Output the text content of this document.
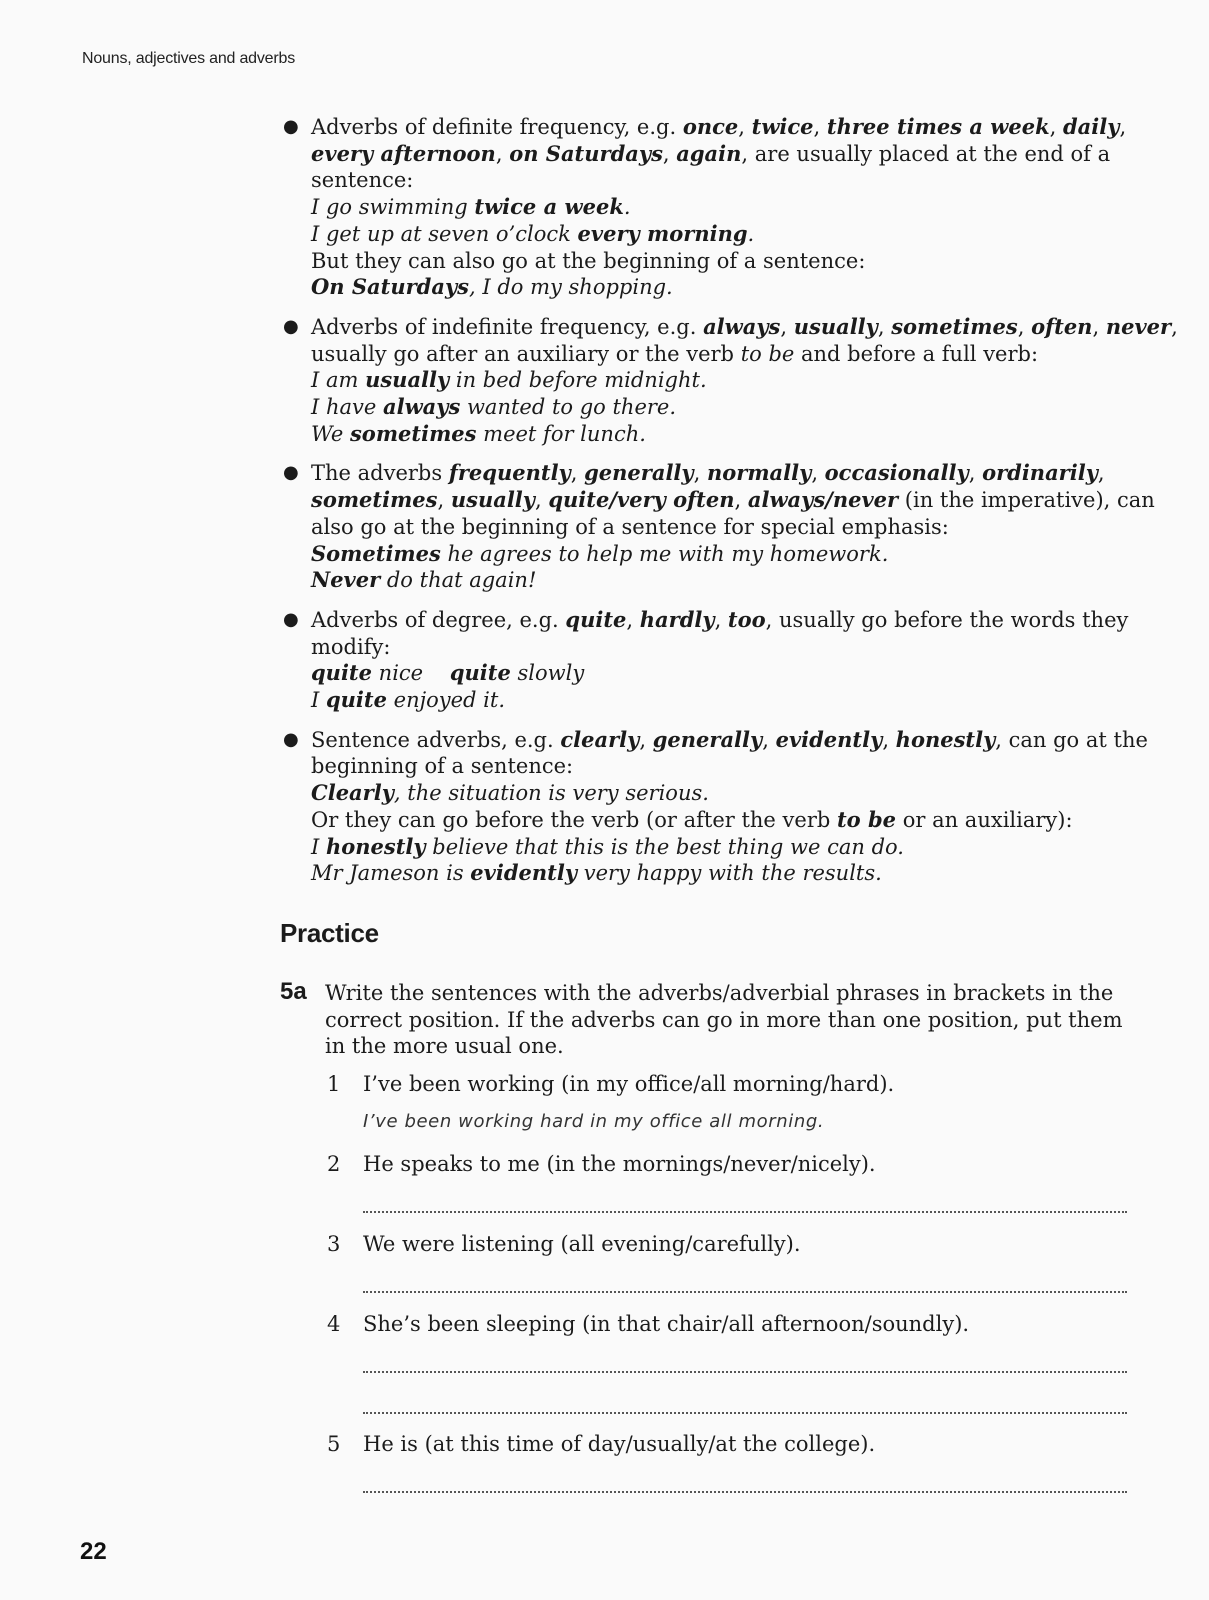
Nouns, adjectives and adverbs
● Adverbs of definite frequency, e.g. once, twice, three times a week, daily,
every afternoon, on Saturdays, again, are usually placed at the end of a
sentence:
I go swimming twice a week.
I get up at seven o’clock every morning.
But they can also go at the beginning of a sentence:
On Saturdays, I do my shopping.
● Adverbs of indefinite frequency, e.g. always, usually, sometimes, often, never,
usually go after an auxiliary or the verb to be and before a full verb:
I am usually in bed before midnight.
I have always wanted to go there.
We sometimes meet for lunch.
● The adverbs frequently, generally, normally, occasionally, ordinarily,
sometimes, usually, quite/very often, always/never (in the imperative), can
also go at the beginning of a sentence for special emphasis:
Sometimes he agrees to help me with my homework.
Never do that again!
● Adverbs of degree, e.g. quite, hardly, too, usually go before the words they
modify:
quite nice    quite slowly
I quite enjoyed it.
● Sentence adverbs, e.g. clearly, generally, evidently, honestly, can go at the
beginning of a sentence:
Clearly, the situation is very serious.
Or they can go before the verb (or after the verb to be or an auxiliary):
I honestly believe that this is the best thing we can do.
Mr Jameson is evidently very happy with the results.
Practice
5a Write the sentences with the adverbs/adverbial phrases in brackets in the
correct position. If the adverbs can go in more than one position, put them
in the more usual one.
1 I’ve been working (in my office/all morning/hard).
I’ve been working hard in my office all morning.
2 He speaks to me (in the mornings/never/nicely).
3 We were listening (all evening/carefully).
4 She’s been sleeping (in that chair/all afternoon/soundly).
5 He is (at this time of day/usually/at the college).
22
